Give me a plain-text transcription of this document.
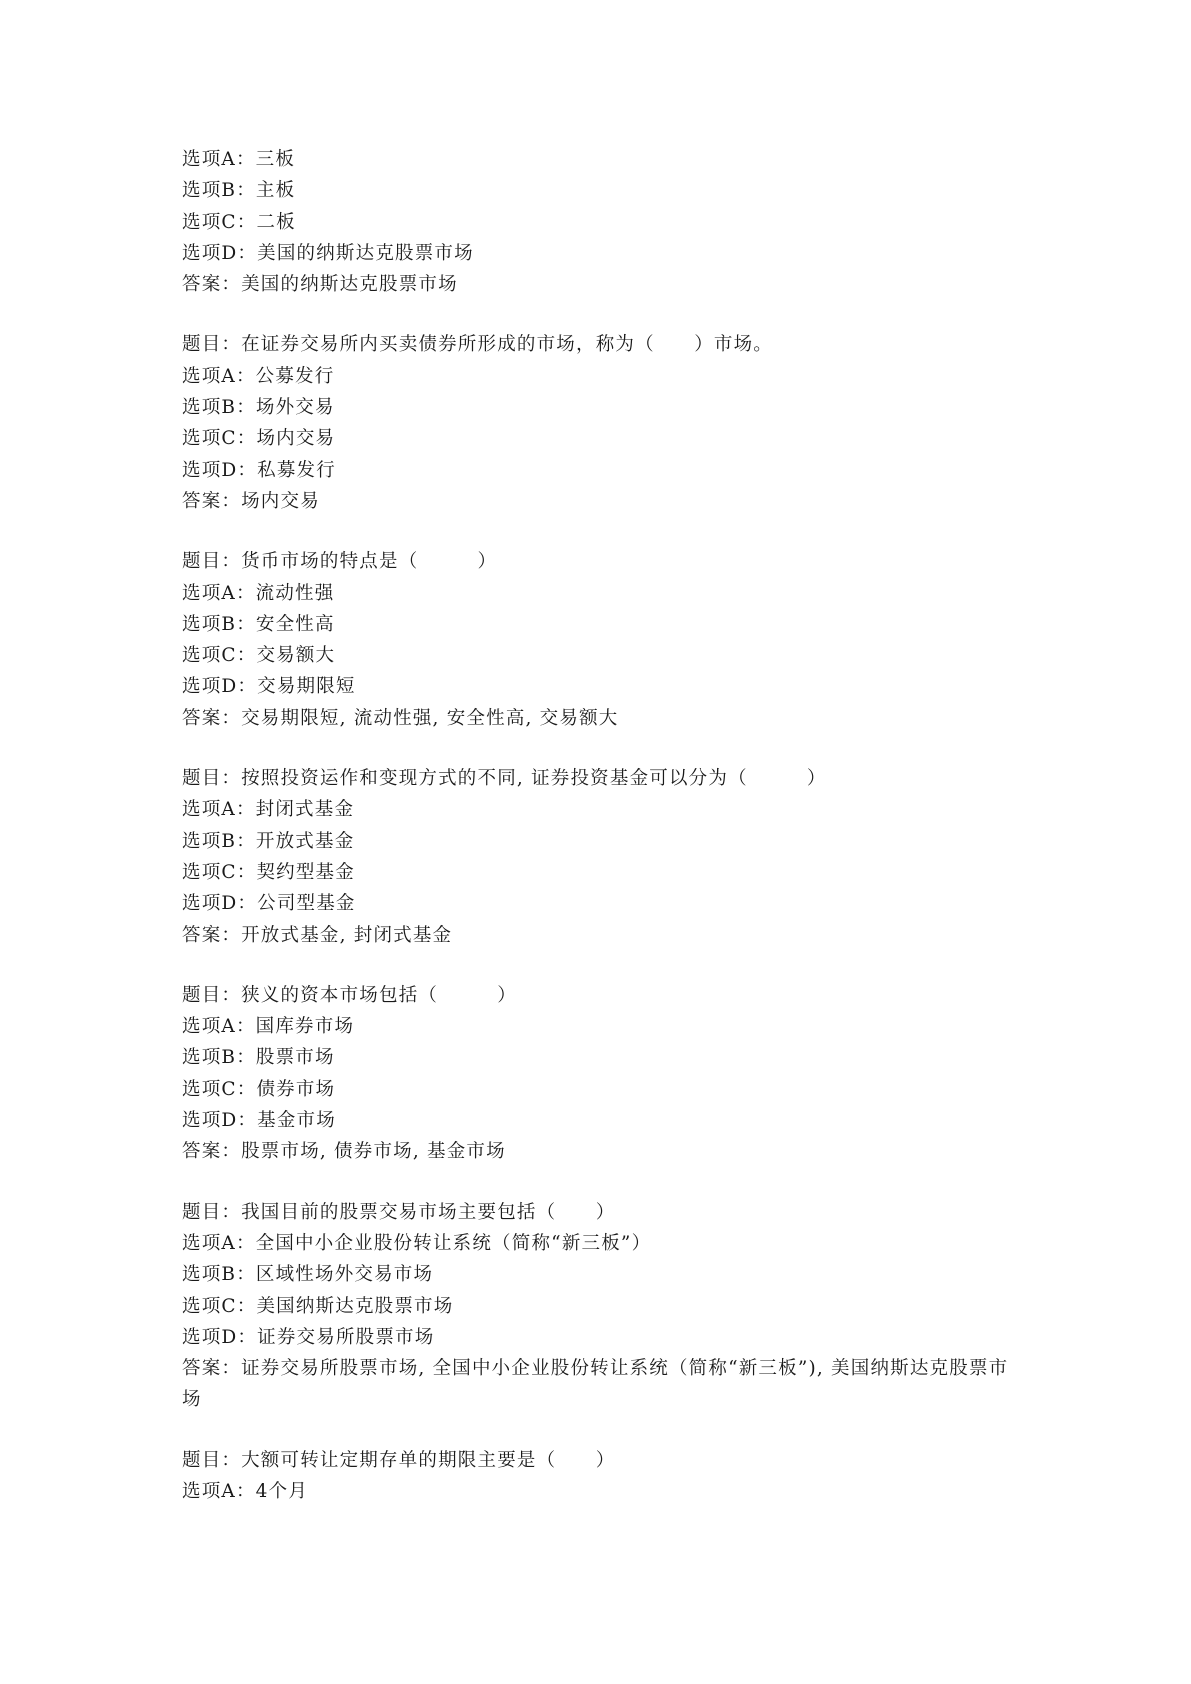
选项A：三板
选项B：主板
选项C：二板
选项D：美国的纳斯达克股票市场
答案：美国的纳斯达克股票市场
题目：在证券交易所内买卖债券所形成的市场，称为（　　）市场。
选项A：公募发行
选项B：场外交易
选项C：场内交易
选项D：私募发行
答案：场内交易
题目：货币市场的特点是（　　　）
选项A：流动性强
选项B：安全性高
选项C：交易额大
选项D：交易期限短
答案：交易期限短, 流动性强, 安全性高, 交易额大
题目：按照投资运作和变现方式的不同, 证券投资基金可以分为（　　　）
选项A：封闭式基金
选项B：开放式基金
选项C：契约型基金
选项D：公司型基金
答案：开放式基金, 封闭式基金
题目：狭义的资本市场包括（　　　）
选项A：国库券市场
选项B：股票市场
选项C：债券市场
选项D：基金市场
答案：股票市场, 债券市场, 基金市场
题目：我国目前的股票交易市场主要包括（　　）
选项A：全国中小企业股份转让系统（简称“新三板”）
选项B：区域性场外交易市场
选项C：美国纳斯达克股票市场
选项D：证券交易所股票市场
答案：证券交易所股票市场, 全国中小企业股份转让系统（简称“新三板”), 美国纳斯达克股票市场
题目：大额可转让定期存单的期限主要是（　　）
选项A：4个月
